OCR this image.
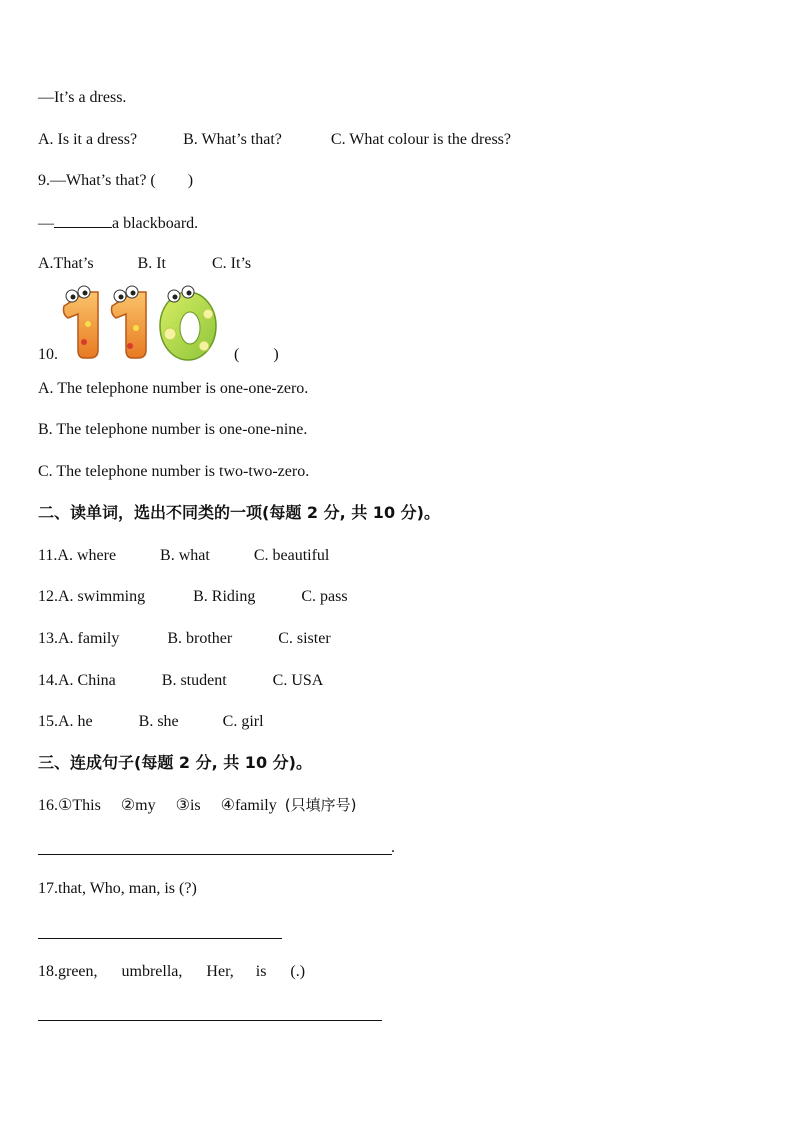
—It’s a dress.
A. Is it a dress?	B. What’s that?	C. What colour is the dress?
9.—What’s that? ( )
—	a blackboard.
A.That’s	B. It	C. It’s
10.	( )
A. The telephone number is one-one-zero.
B. The telephone number is one-one-nine.
C. The telephone number is two-two-zero.
二、读单词，选出不同类的一项(每题 2 分, 共 10 分)。
11.A. where	B. what	C. beautiful
12.A. swimming	B. Riding	C. pass
13.A. family	B. brother	C. sister
14.A. China	B. student	C. USA
15.A. he	B. she	C. girl
三、连成句子(每题 2 分, 共 10 分)。
16.①This ②my ③is ④family (只填序号)
.
17.that, Who, man, is (?)
18.green, umbrella, Her, is (.)
